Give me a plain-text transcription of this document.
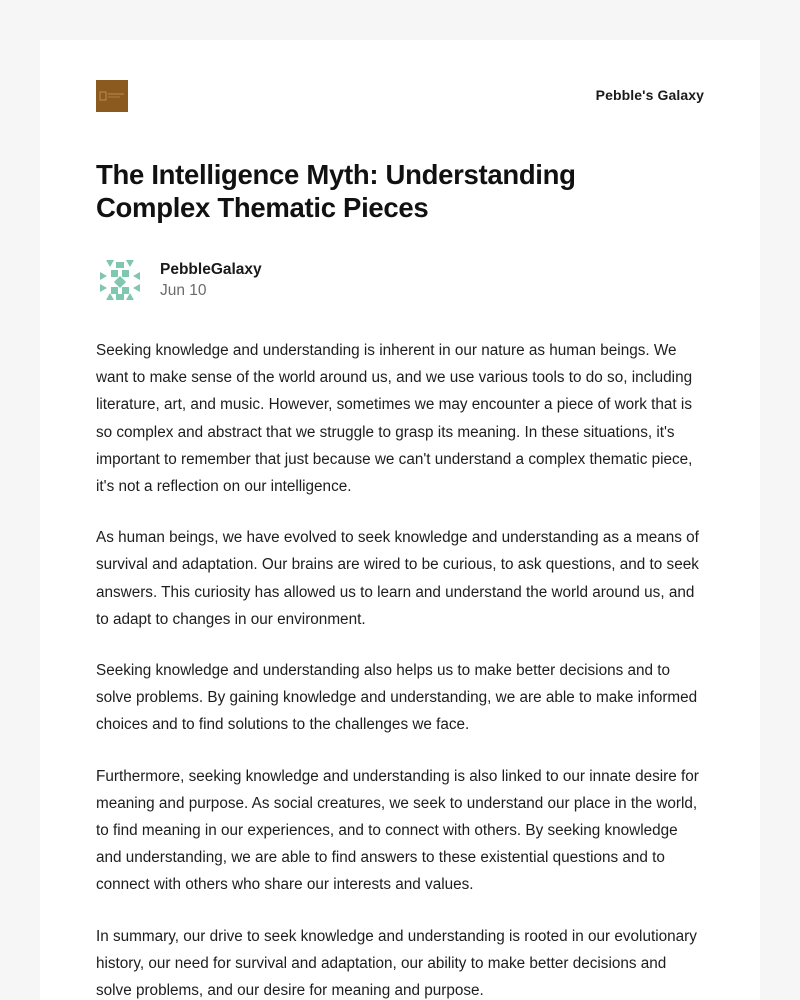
Pebble's Galaxy
The Intelligence Myth: Understanding Complex Thematic Pieces
PebbleGalaxy
Jun 10

Seeking knowledge and understanding is inherent in our nature as human beings. We want to make sense of the world around us, and we use various tools to do so, including literature, art, and music. However, sometimes we may encounter a piece of work that is so complex and abstract that we struggle to grasp its meaning. In these situations, it's important to remember that just because we can't understand a complex thematic piece, it's not a reflection on our intelligence.

As human beings, we have evolved to seek knowledge and understanding as a means of survival and adaptation. Our brains are wired to be curious, to ask questions, and to seek answers. This curiosity has allowed us to learn and understand the world around us, and to adapt to changes in our environment.

Seeking knowledge and understanding also helps us to make better decisions and to solve problems. By gaining knowledge and understanding, we are able to make informed choices and to find solutions to the challenges we face.

Furthermore, seeking knowledge and understanding is also linked to our innate desire for meaning and purpose. As social creatures, we seek to understand our place in the world, to find meaning in our experiences, and to connect with others. By seeking knowledge and understanding, we are able to find answers to these existential questions and to connect with others who share our interests and values.

In summary, our drive to seek knowledge and understanding is rooted in our evolutionary history, our need for survival and adaptation, our ability to make better decisions and solve problems, and our desire for meaning and purpose.
